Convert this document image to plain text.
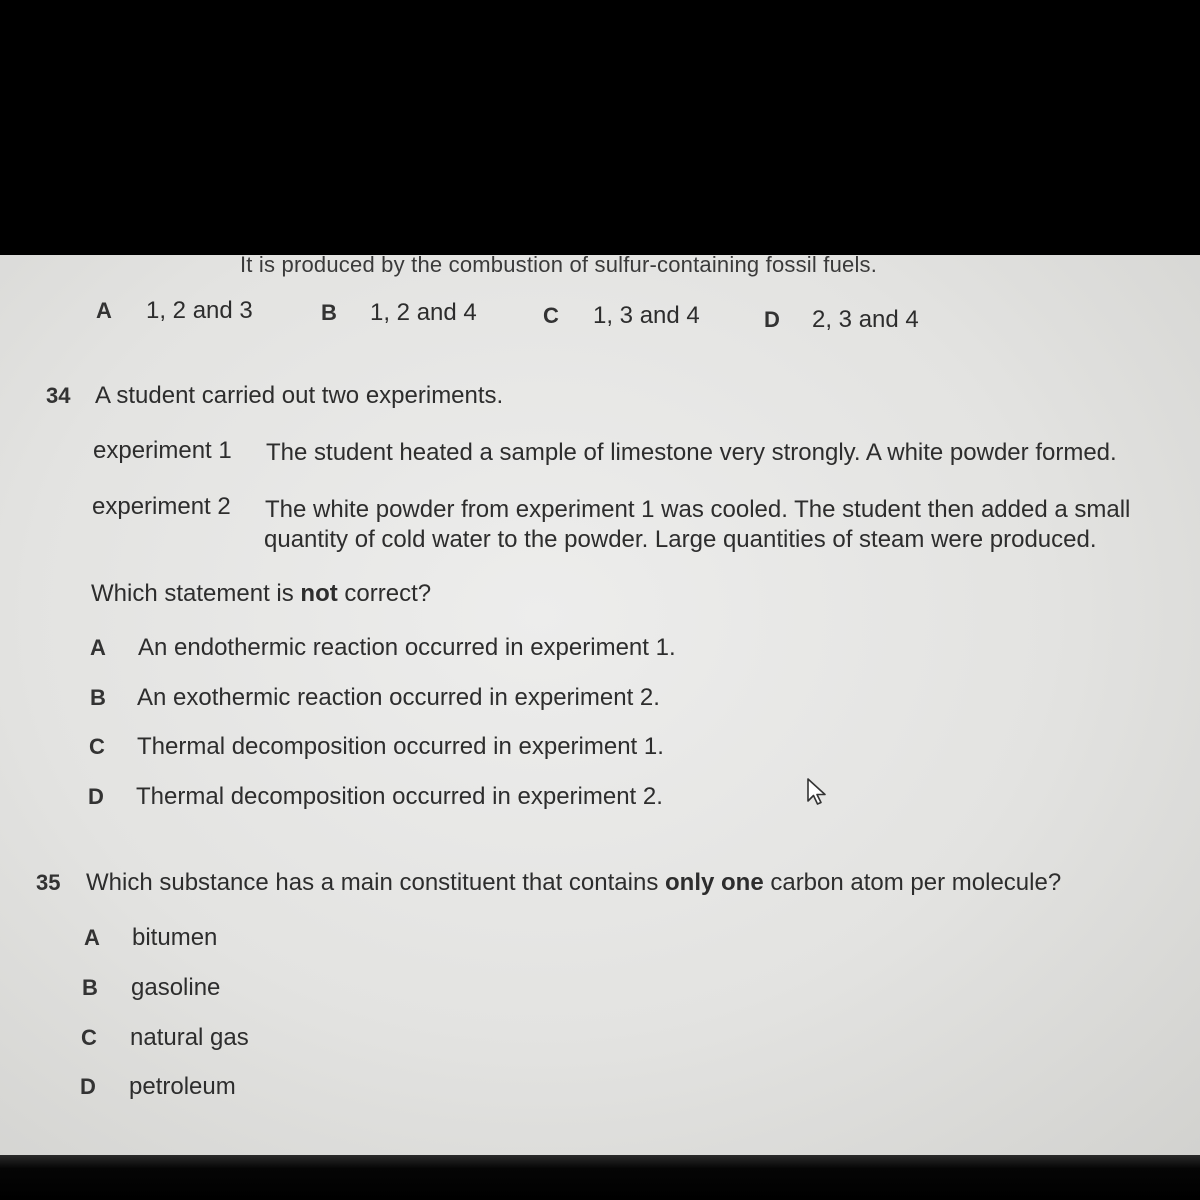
It is produced by the combustion of sulfur-containing fossil fuels.
A 1, 2 and 3	B 1, 2 and 4	C 1, 3 and 4	D 2, 3 and 4
34 A student carried out two experiments.
experiment 1 The student heated a sample of limestone very strongly. A white powder formed.
experiment 2 The white powder from experiment 1 was cooled. The student then added a small
quantity of cold water to the powder. Large quantities of steam were produced.
Which statement is not correct?
A An endothermic reaction occurred in experiment 1.
B An exothermic reaction occurred in experiment 2.
C Thermal decomposition occurred in experiment 1.
D Thermal decomposition occurred in experiment 2.
35 Which substance has a main constituent that contains only one carbon atom per molecule?
A bitumen
B gasoline
C natural gas
D petroleum
